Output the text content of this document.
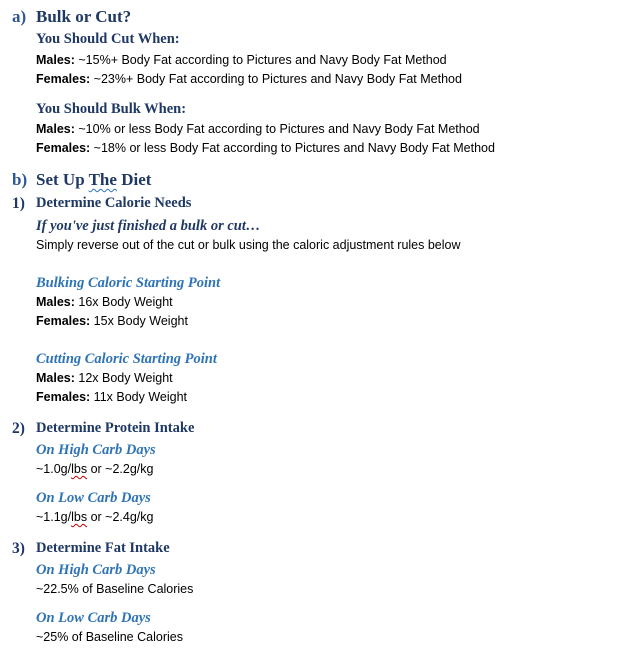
a) Bulk or Cut?
You Should Cut When:
Males: ~15%+ Body Fat according to Pictures and Navy Body Fat Method
Females: ~23%+ Body Fat according to Pictures and Navy Body Fat Method
You Should Bulk When:
Males: ~10% or less Body Fat according to Pictures and Navy Body Fat Method
Females: ~18% or less Body Fat according to Pictures and Navy Body Fat Method
b) Set Up The Diet
1) Determine Calorie Needs
If you've just finished a bulk or cut…
Simply reverse out of the cut or bulk using the caloric adjustment rules below
Bulking Caloric Starting Point
Males: 16x Body Weight
Females: 15x Body Weight
Cutting Caloric Starting Point
Males: 12x Body Weight
Females: 11x Body Weight
2) Determine Protein Intake
On High Carb Days
~1.0g/lbs or ~2.2g/kg
On Low Carb Days
~1.1g/lbs or ~2.4g/kg
3) Determine Fat Intake
On High Carb Days
~22.5% of Baseline Calories
On Low Carb Days
~25% of Baseline Calories
